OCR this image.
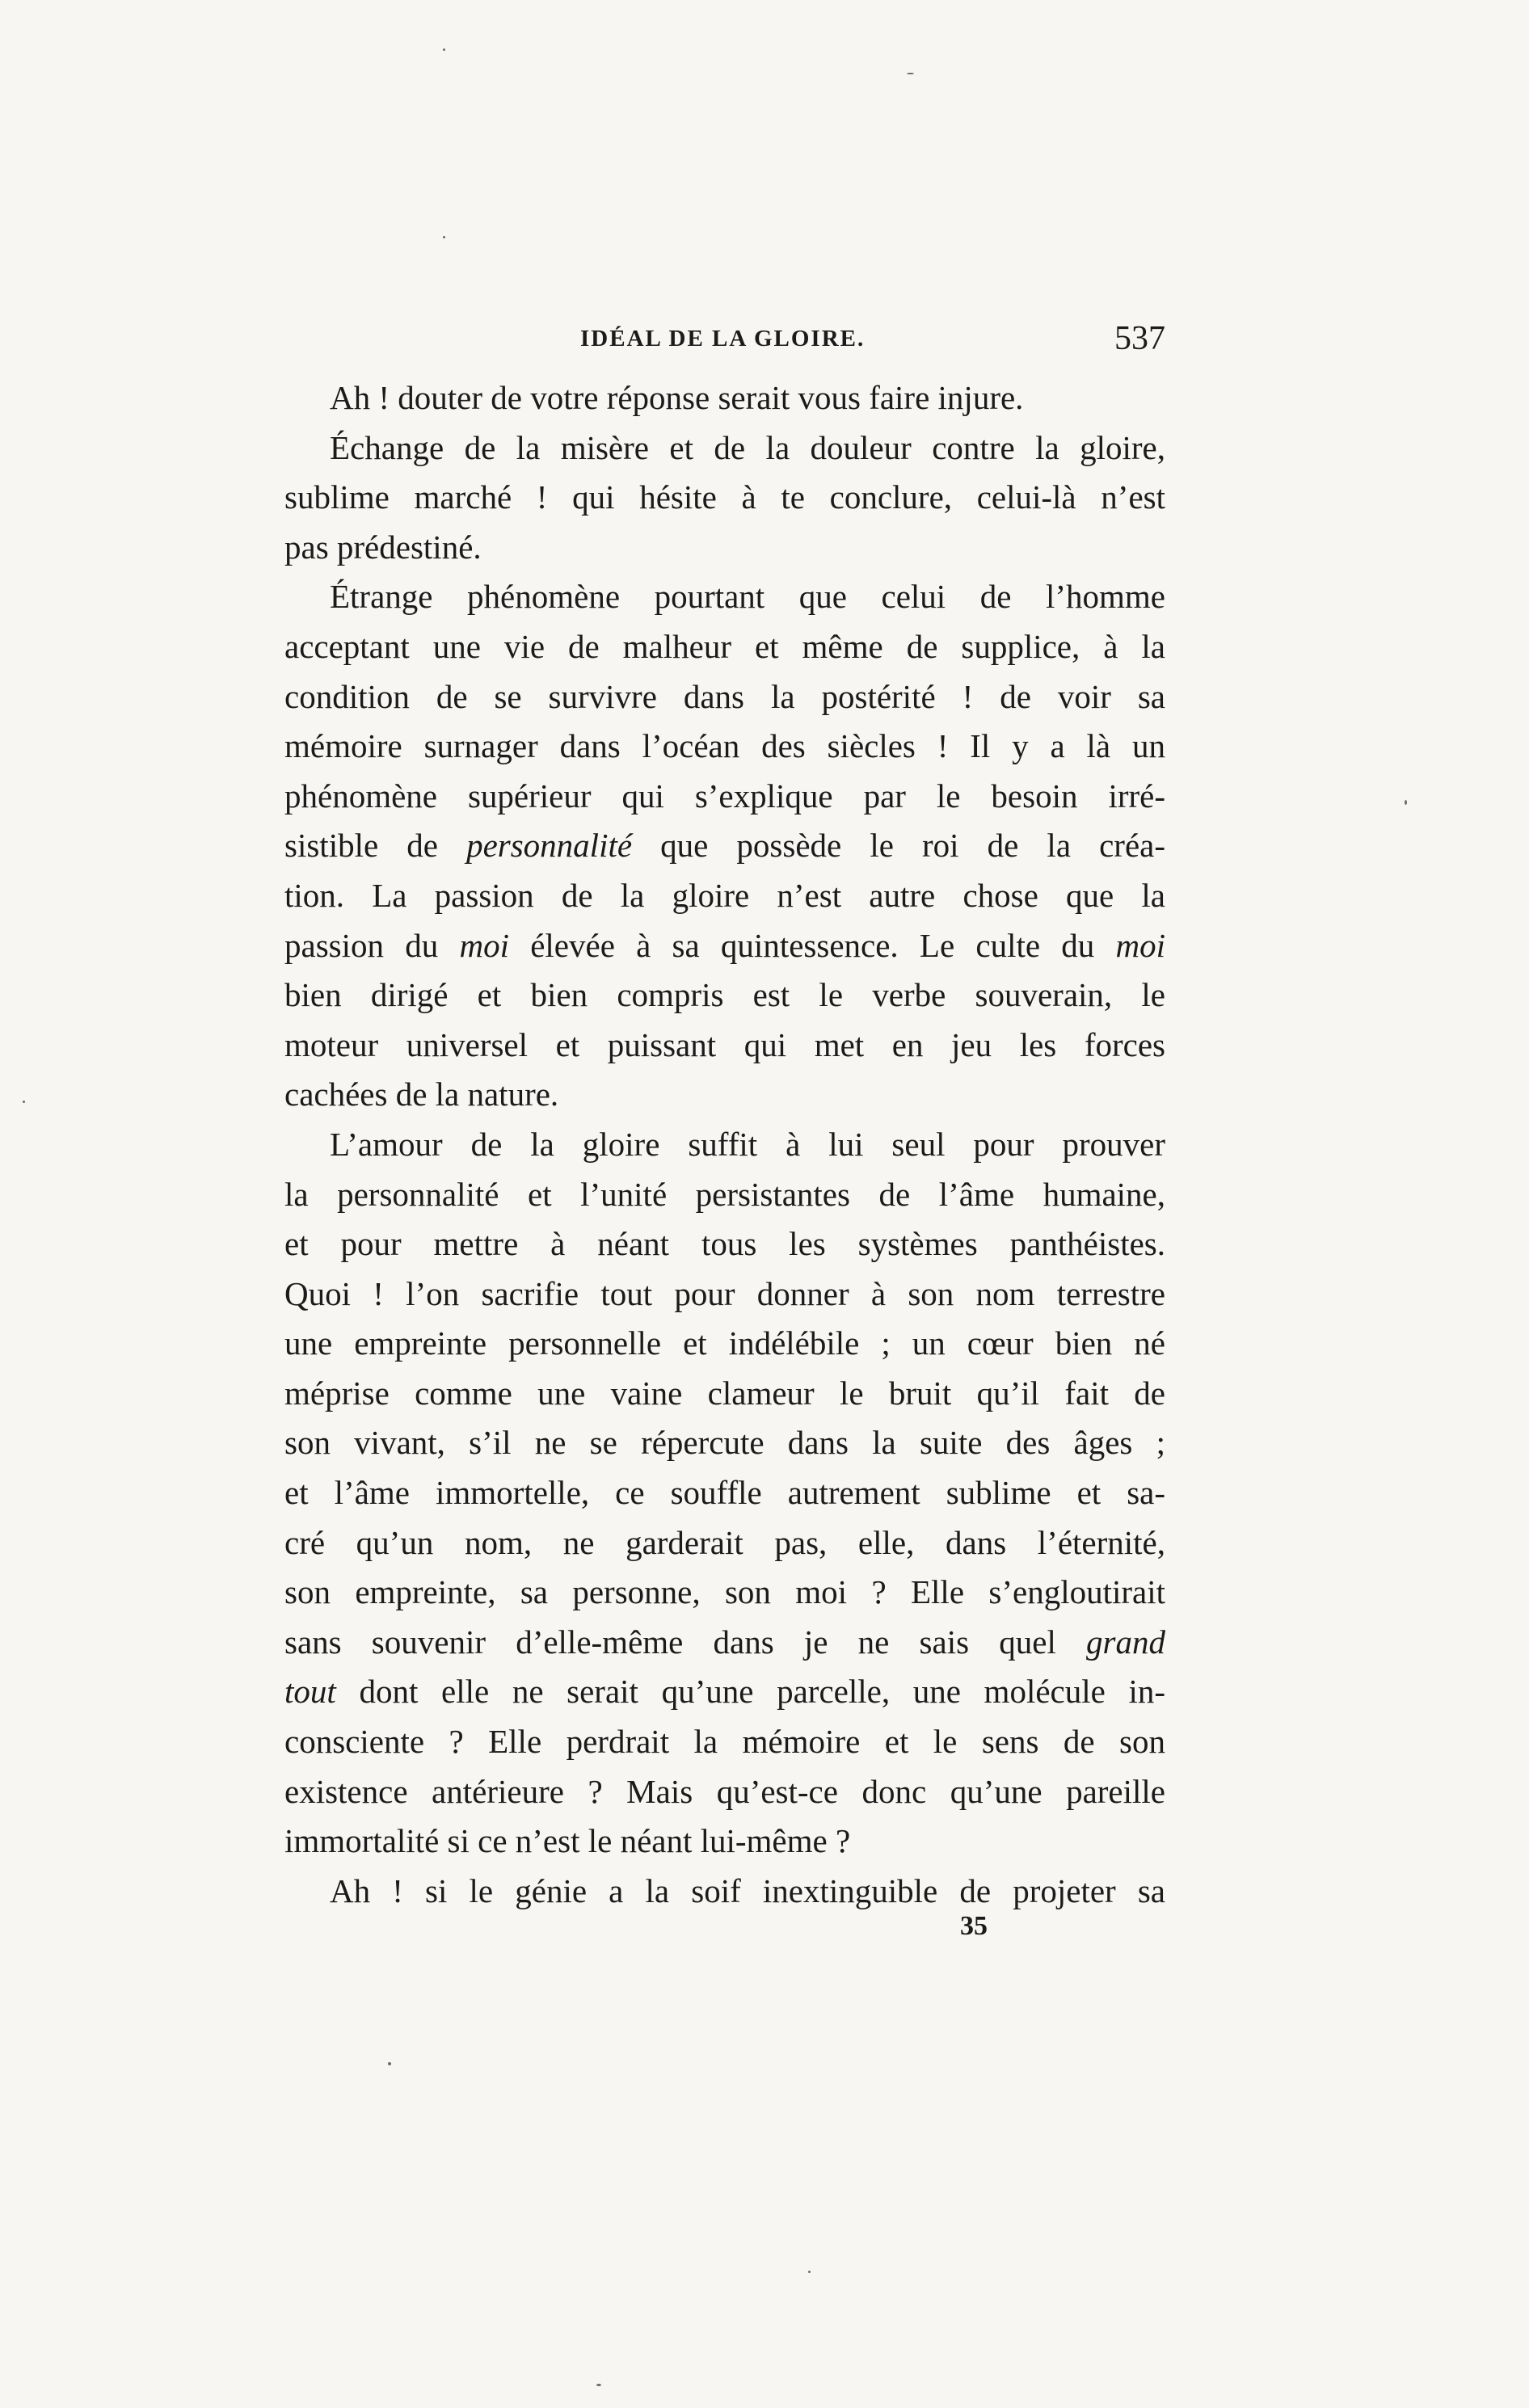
IDÉAL DE LA GLOIRE.	537
Ah ! douter de votre réponse serait vous faire injure.
Échange de la misère et de la douleur contre la gloire,
sublime marché ! qui hésite à te conclure, celui-là n’est
pas prédestiné.
Étrange phénomène pourtant que celui de l’homme
acceptant une vie de malheur et même de supplice, à la
condition de se survivre dans la postérité ! de voir sa
mémoire surnager dans l’océan des siècles ! Il y a là un
phénomène supérieur qui s’explique par le besoin irré-
sistible de personnalité que possède le roi de la créa-
tion. La passion de la gloire n’est autre chose que la
passion du moi élevée à sa quintessence. Le culte du moi
bien dirigé et bien compris est le verbe souverain, le
moteur universel et puissant qui met en jeu les forces
cachées de la nature.
L’amour de la gloire suffit à lui seul pour prouver
la personnalité et l’unité persistantes de l’âme humaine,
et pour mettre à néant tous les systèmes panthéistes.
Quoi ! l’on sacrifie tout pour donner à son nom terrestre
une empreinte personnelle et indélébile ; un cœur bien né
méprise comme une vaine clameur le bruit qu’il fait de
son vivant, s’il ne se répercute dans la suite des âges ;
et l’âme immortelle, ce souffle autrement sublime et sa-
cré qu’un nom, ne garderait pas, elle, dans l’éternité,
son empreinte, sa personne, son moi ? Elle s’engloutirait
sans souvenir d’elle-même dans je ne sais quel grand
tout dont elle ne serait qu’une parcelle, une molécule in-
consciente ? Elle perdrait la mémoire et le sens de son
existence antérieure ? Mais qu’est-ce donc qu’une pareille
immortalité si ce n’est le néant lui-même ?
Ah ! si le génie a la soif inextinguible de projeter sa
35
